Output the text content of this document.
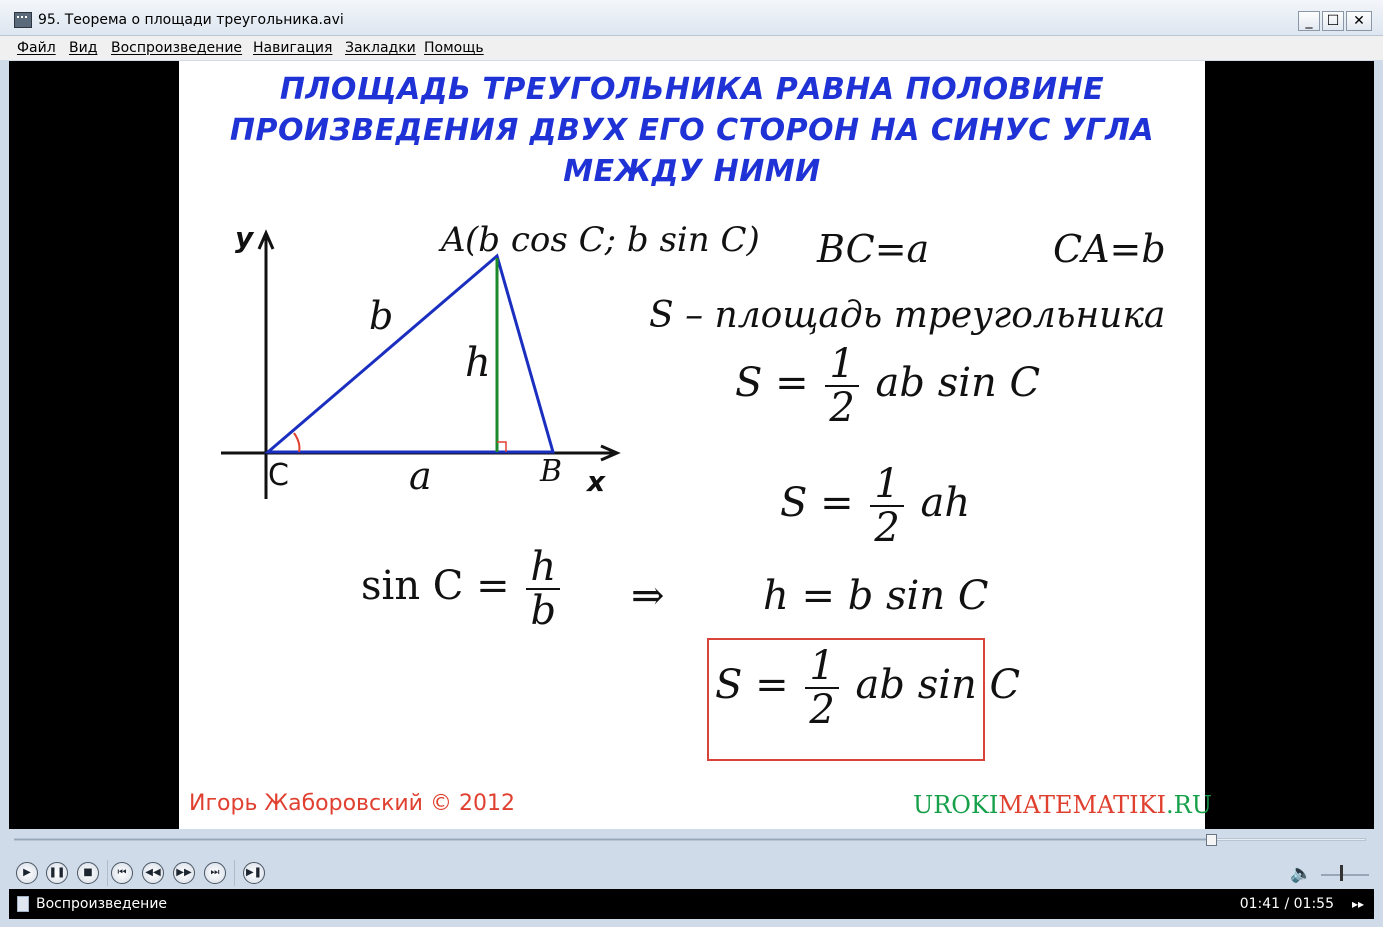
95. Теорема о площади треугольника.avi	_	☐ ✕
Файл Вид Воспроизведение Навигация Закладки Помощь
ПЛОЩАДЬ ТРЕУГОЛЬНИКА РАВНА ПОЛОВИНЕ
ПРОИЗВЕДЕНИЯ ДВУХ ЕГО СТОРОН НА СИНУС УГЛА
МЕЖДУ НИМИ
y
x
C	B
A (b cos C; b sin C)
b
a
h
BC=a	CA=b
S – площадь треугольника
$S = \frac{1}{2}$ ab sin C
$S = \frac{1}{2}$ ah
$\sin C = \frac{h}{b}$ ⇒ h = b sin C
$S = \frac{1}{2}$ ab sin C
Игорь Жаборовский © 2012	UROKIMATEMATIKI.RU
▶	❚❚	■	⏮	◀◀	▶▶	⏭	▶❚	🔈
Воспроизведение	01:41 / 01:55 ▸▸
